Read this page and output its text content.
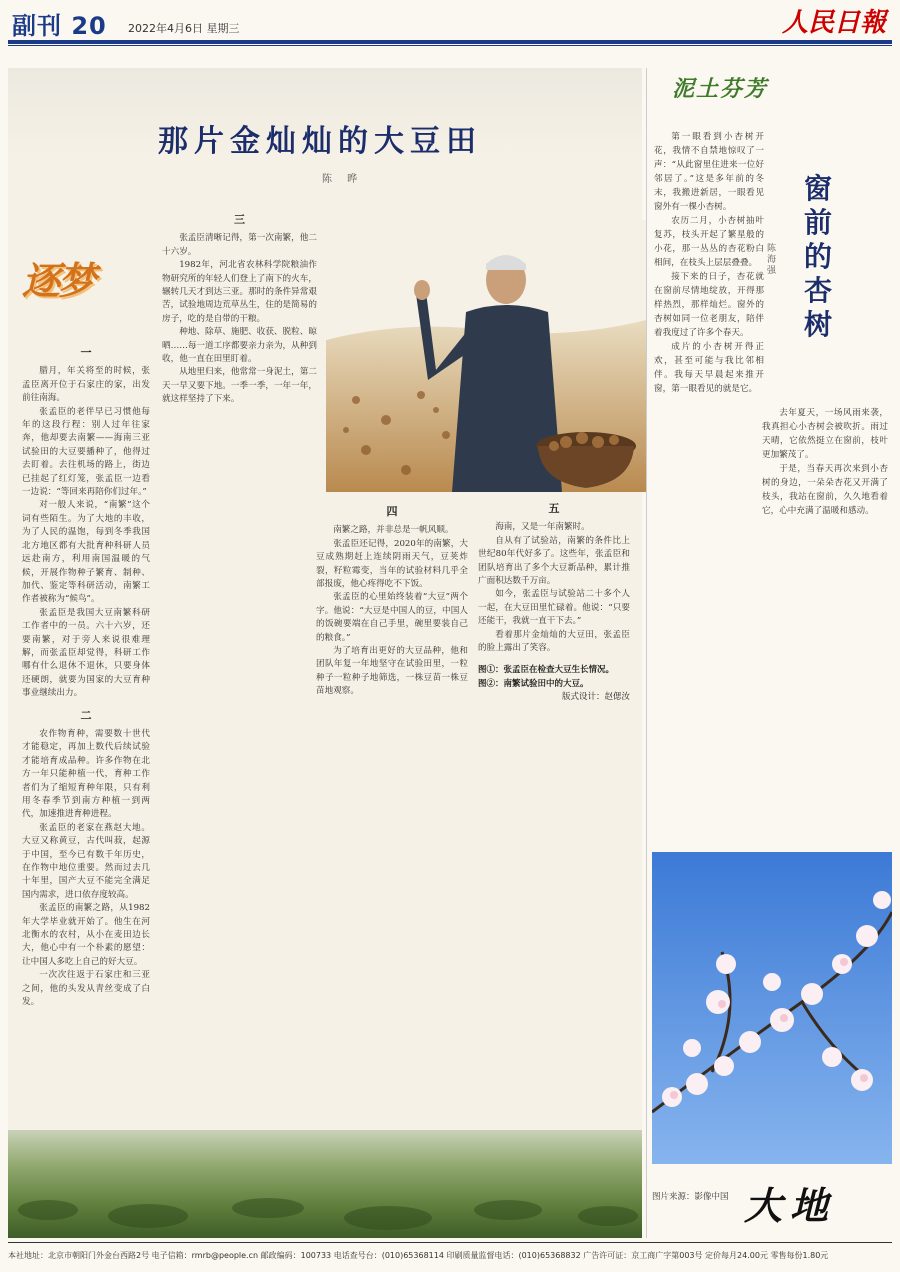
副刊 20 2022年4月6日 星期三	人民日報
那片金灿灿的大豆田
陈 晔
逐梦
一

腊月，年关将至的时候，张孟臣离开位于石家庄的家，出发前往南海。

张孟臣的老伴早已习惯他每年的这段行程：别人过年往家奔，他却要去南繁——海南三亚试验田的大豆要播种了，他得过去盯着。去往机场的路上，街边已挂起了红灯笼，张孟臣一边看一边说：“等回来再陪你们过年。”

对一般人来说，“南繁”这个词有些陌生。为了大地的丰收，为了人民的温饱，每到冬季我国北方地区都有大批育种科研人员远赴南方，利用南国温暖的气候，开展作物种子繁育、制种、加代、鉴定等科研活动，南繁工作者被称为“候鸟”。

张孟臣是我国大豆南繁科研工作者中的一员。六十六岁，还要南繁，对于旁人来说很难理解，而张孟臣却觉得，科研工作哪有什么退休不退休，只要身体还硬朗，就要为国家的大豆育种事业继续出力。

二

农作物育种，需要数十世代才能稳定，再加上数代后续试验才能培育成品种。许多作物在北方一年只能种植一代，育种工作者们为了缩短育种年限，只有利用冬春季节到南方种植一到两代，加速推进育种进程。

张孟臣的老家在燕赵大地。大豆又称黄豆，古代叫菽，起源于中国，至今已有数千年历史，在作物中地位重要。然而过去几十年里，国产大豆不能完全满足国内需求，进口依存度较高。

张孟臣的南繁之路，从1982年大学毕业就开始了。他生在河北衡水的农村，从小在麦田边长大，他心中有一个朴素的愿望：让中国人多吃上自己的好大豆。

一次次往返于石家庄和三亚之间，他的头发从青丝变成了白发。

三

张孟臣清晰记得，第一次南繁，他二十六岁。

1982年，河北省农林科学院粮油作物研究所的年轻人们登上了南下的火车，辗转几天才到达三亚。那时的条件异常艰苦，试验地周边荒草丛生，住的是简易的房子，吃的是自带的干粮。

种地、除草、施肥、收获、脱粒、晾晒……每一道工序都要亲力亲为，从种到收，他一直在田里盯着。

从地里归来，他常常一身泥土，第二天一早又要下地。一季一季，一年一年，就这样坚持了下来。

四

南繁之路，并非总是一帆风顺。

张孟臣还记得，2020年的南繁，大豆成熟期赶上连续阴雨天气，豆荚炸裂，籽粒霉变，当年的试验材料几乎全部报废，他心疼得吃不下饭。

张孟臣的心里始终装着“大豆”两个字。他说：“大豆是中国人的豆，中国人的饭碗要端在自己手里，碗里要装自己的粮食。”

为了培育出更好的大豆品种，他和团队年复一年地坚守在试验田里，一粒种子一粒种子地筛选，一株豆苗一株豆苗地观察。

五

海南，又是一年南繁时。

自从有了试验站，南繁的条件比上世纪80年代好多了。这些年，张孟臣和团队培育出了多个大豆新品种，累计推广面积达数千万亩。

如今，张孟臣与试验站二十多个人一起，在大豆田里忙碌着。他说：“只要还能干，我就一直干下去。”

看着那片金灿灿的大豆田，张孟臣的脸上露出了笑容。

图①：张孟臣在检查大豆生长情况。
图②：南繁试验田中的大豆。
版式设计：赵偲汝
泥土芬芳
窗前的杏树
陈海强

第一眼看到小杏树开花，我情不自禁地惊叹了一声：“从此窗里住进来一位好邻居了。”这是多年前的冬末，我搬进新居，一眼看见窗外有一棵小杏树。

农历二月，小杏树抽叶复苏，枝头开起了繁星般的小花，那一丛丛的杏花粉白相间，在枝头上层层叠叠。

接下来的日子，杏花就在窗前尽情地绽放，开得那样热烈，那样灿烂。窗外的杏树如同一位老朋友，陪伴着我度过了许多个春天。

成片的小杏树开得正欢，甚至可能与我比邻相伴。我每天早晨起来推开窗，第一眼看见的就是它。

去年夏天，一场风雨来袭，我真担心小杏树会被吹折。雨过天晴，它依然挺立在窗前，枝叶更加繁茂了。

于是，当春天再次来到小杏树的身边，一朵朵杏花又开满了枝头，我站在窗前，久久地看着它，心中充满了温暖和感动。

图片来源：影像中国 大地
本社地址：北京市朝阳门外金台西路2号 电子信箱：rmrb@people.cn 邮政编码：100733 电话查号台：(010)65368114 印刷质量监督电话：(010)65368832 广告许可证：京工商广字第003号 定价每月24.00元 零售每份1.80元
